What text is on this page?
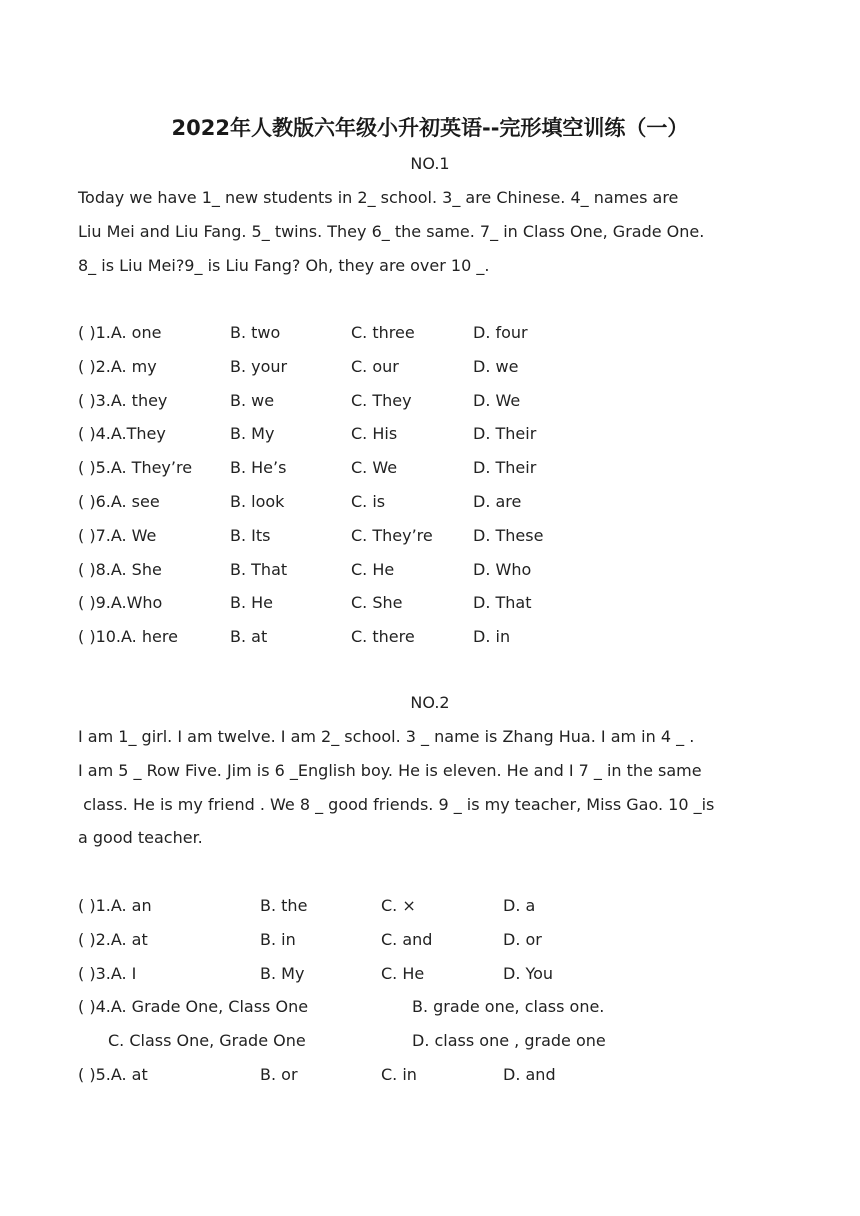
2022年人教版六年级小升初英语--完形填空训练（一）
NO.1
Today we have 1_ new students in 2_ school. 3_ are Chinese. 4_ names are
Liu Mei and Liu Fang. 5_ twins. They 6_ the same. 7_ in Class One, Grade One.
8_ is Liu Mei?9_ is Liu Fang? Oh, they are over 10 _.
( )1.A. one	B. two	C. three	D. four
( )2.A. my	B. your	C. our	D. we
( )3.A. they	B. we	C. They	D. We
( )4.A.They	B. My	C. His	D. Their
( )5.A. They’re B. He’s	C. We	D. Their
( )6.A. see	B. look	C. is	D. are
( )7.A. We	B. Its	C. They’re	D. These
( )8.A. She	B. That	C. He	D. Who
( )9.A.Who	B. He	C. She	D. That
( )10.A. here	B. at	C. there	D. in
NO.2
I am 1_ girl. I am twelve. I am 2_ school. 3 _ name is Zhang Hua. I am in 4 _ .
I am 5 _ Row Five. Jim is 6 _English boy. He is eleven. He and I 7 _ in the same
class. He is my friend . We 8 _ good friends. 9 _ is my teacher, Miss Gao. 10 _is
a good teacher.
( )1.A. an	B. the	C. ×	D. a
( )2.A. at	B. in	C. and	D. or
( )3.A. I	B. My	C. He	D. You
( )4.A. Grade One, Class One	B. grade one, class one.
C. Class One, Grade One	D. class one , grade one
( )5.A. at	B. or	C. in	D. and
